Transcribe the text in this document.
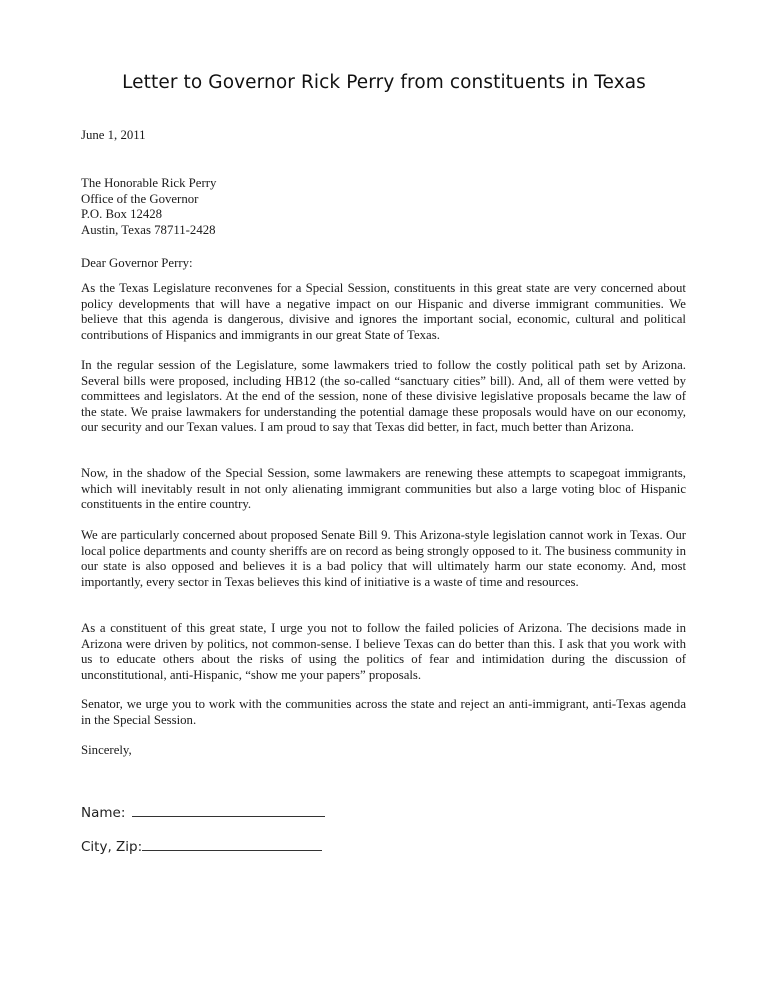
Letter to Governor Rick Perry from constituents in Texas
June 1, 2011
The Honorable Rick Perry
Office of the Governor
P.O. Box 12428
Austin, Texas 78711-2428
Dear Governor Perry:
As the Texas Legislature reconvenes for a Special Session, constituents in this great state are very concerned about policy developments that will have a negative impact on our Hispanic and diverse immigrant communities. We believe that this agenda is dangerous, divisive and ignores the important social, economic, cultural and political contributions of Hispanics and immigrants in our great State of Texas.
In the regular session of the Legislature, some lawmakers tried to follow the costly political path set by Arizona. Several bills were proposed, including HB12 (the so-called “sanctuary cities” bill). And, all of them were vetted by committees and legislators. At the end of the session, none of these divisive legislative proposals became the law of the state. We praise lawmakers for understanding the potential damage these proposals would have on our economy, our security and our Texan values. I am proud to say that Texas did better, in fact, much better than Arizona.
Now, in the shadow of the Special Session, some lawmakers are renewing these attempts to scapegoat immigrants, which will inevitably result in not only alienating immigrant communities but also a large voting bloc of Hispanic constituents in the entire country.
We are particularly concerned about proposed Senate Bill 9. This Arizona-style legislation cannot work in Texas. Our local police departments and county sheriffs are on record as being strongly opposed to it. The business community in our state is also opposed and believes it is a bad policy that will ultimately harm our state economy. And, most importantly, every sector in Texas believes this kind of initiative is a waste of time and resources.
As a constituent of this great state, I urge you not to follow the failed policies of Arizona. The decisions made in Arizona were driven by politics, not common-sense. I believe Texas can do better than this. I ask that you work with us to educate others about the risks of using the politics of fear and intimidation during the discussion of unconstitutional, anti-Hispanic, “show me your papers” proposals.
Senator, we urge you to work with the communities across the state and reject an anti-immigrant, anti-Texas agenda in the Special Session.
Sincerely,
Name:
City, Zip:
